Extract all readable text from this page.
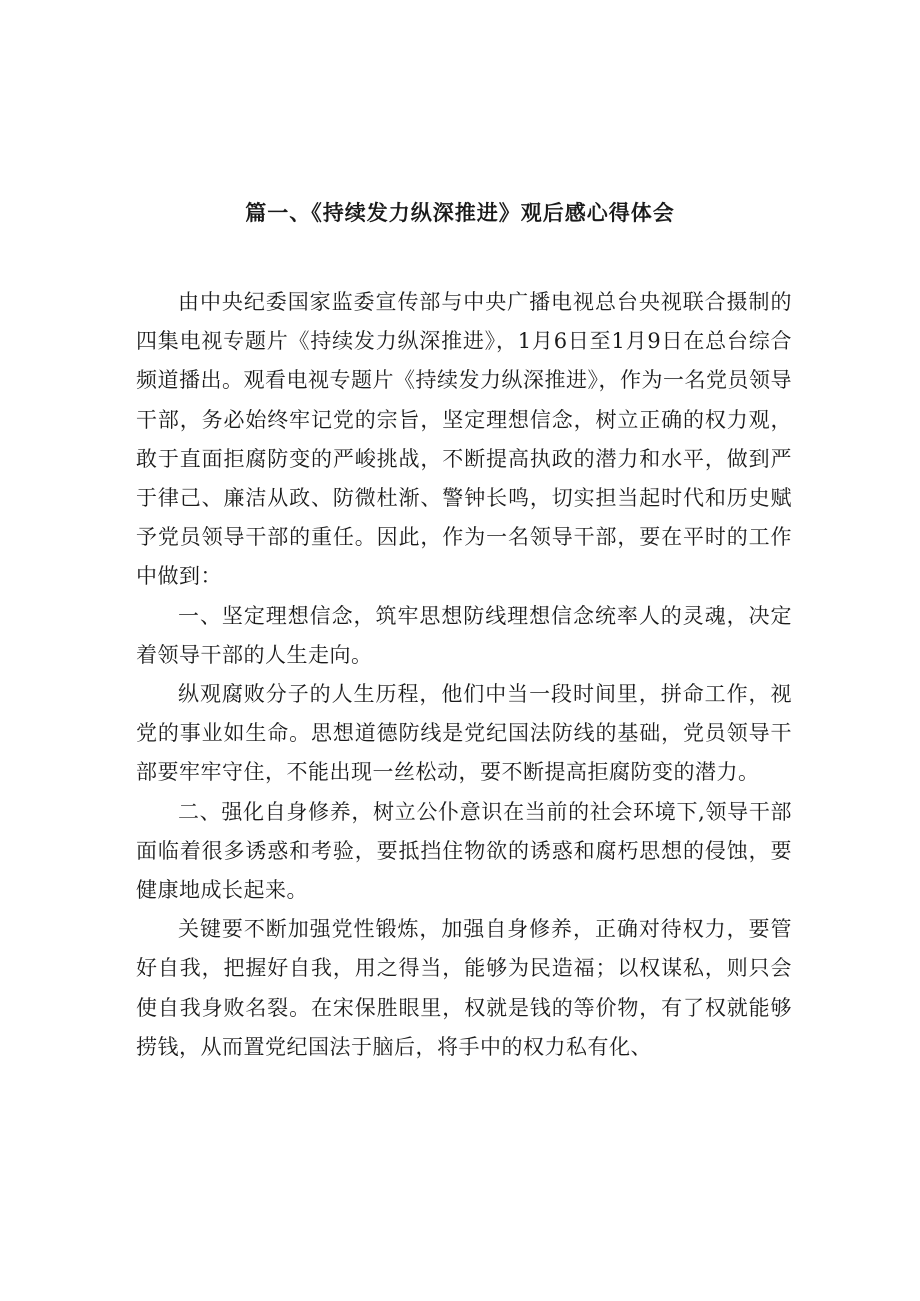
篇一、《持续发力纵深推进》观后感心得体会

由中央纪委国家监委宣传部与中央广播电视总台央视联合摄制的四集电视专题片《持续发力纵深推进》，1月6日至1月9日在总台综合频道播出。观看电视专题片《持续发力纵深推进》，作为一名党员领导干部，务必始终牢记党的宗旨，坚定理想信念，树立正确的权力观，敢于直面拒腐防变的严峻挑战，不断提高执政的潜力和水平，做到严于律己、廉洁从政、防微杜渐、警钟长鸣，切实担当起时代和历史赋予党员领导干部的重任。因此，作为一名领导干部，要在平时的工作中做到：

一、坚定理想信念，筑牢思想防线理想信念统率人的灵魂，决定着领导干部的人生走向。

纵观腐败分子的人生历程，他们中当一段时间里，拼命工作，视党的事业如生命。思想道德防线是党纪国法防线的基础，党员领导干部要牢牢守住，不能出现一丝松动，要不断提高拒腐防变的潜力。

二、强化自身修养，树立公仆意识在当前的社会环境下,领导干部面临着很多诱惑和考验，要抵挡住物欲的诱惑和腐朽思想的侵蚀，要健康地成长起来。

关键要不断加强党性锻炼，加强自身修养，正确对待权力，要管好自我，把握好自我，用之得当，能够为民造福；以权谋私，则只会使自我身败名裂。在宋保胜眼里，权就是钱的等价物，有了权就能够捞钱，从而置党纪国法于脑后，将手中的权力私有化、
